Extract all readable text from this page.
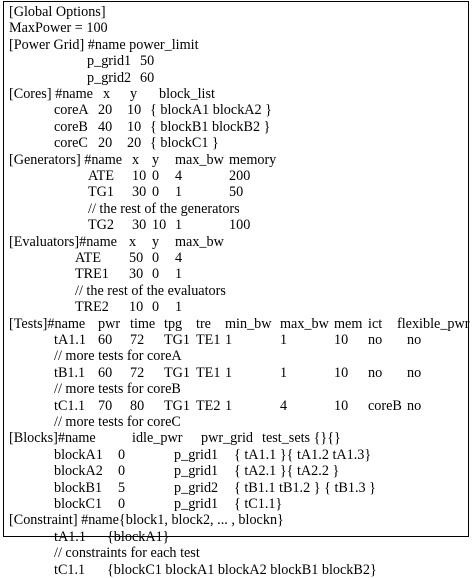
[Global Options]
MaxPower = 100
[Power Grid] #name power_limit
p_grid1 50
p_grid2 60
[Cores] #name x y block_list
coreA 20 10 { blockA1 blockA2 }
coreB 40 10 { blockB1 blockB2 }
coreC 20 20 { blockC1 }
[Generators] #name x y max_bw memory
ATE 10 0 4	200
TG1 30 0 1	50
// the rest of the generators
TG2 30 10 1	100
[Evaluators]#name x y max_bw
ATE 50 0 4
TRE1 30 0 1
// the rest of the evaluators
TRE2 10 0 1
[Tests]#name pwr time tpg tre min_bw max_bw mem ict flexible_pwr
tA1.1 60 72 TG1 TE1 1	1	10 no no
// more tests for coreA
tB1.1 60 72 TG1 TE1 1	1	10 no no
// more tests for coreB
tC1.1 70 80 TG1 TE2 1	4	10 coreB no
// more tests for coreC
[Blocks]#name	idle_pwr pwr_grid test_sets {}{}
blockA1 0	p_grid1 { tA1.1 }{ tA1.2 tA1.3}
blockA2 0	p_grid1 { tA2.1 }{ tA2.2 }
blockB1 5	p_grid2 { tB1.1 tB1.2 } { tB1.3 }
blockC1 0	p_grid1 { tC1.1}
[Constraint] #name{block1, block2, ... , blockn}
tA1.1 {blockA1}
// constraints for each test
tC1.1 {blockC1 blockA1 blockA2 blockB1 blockB2}
